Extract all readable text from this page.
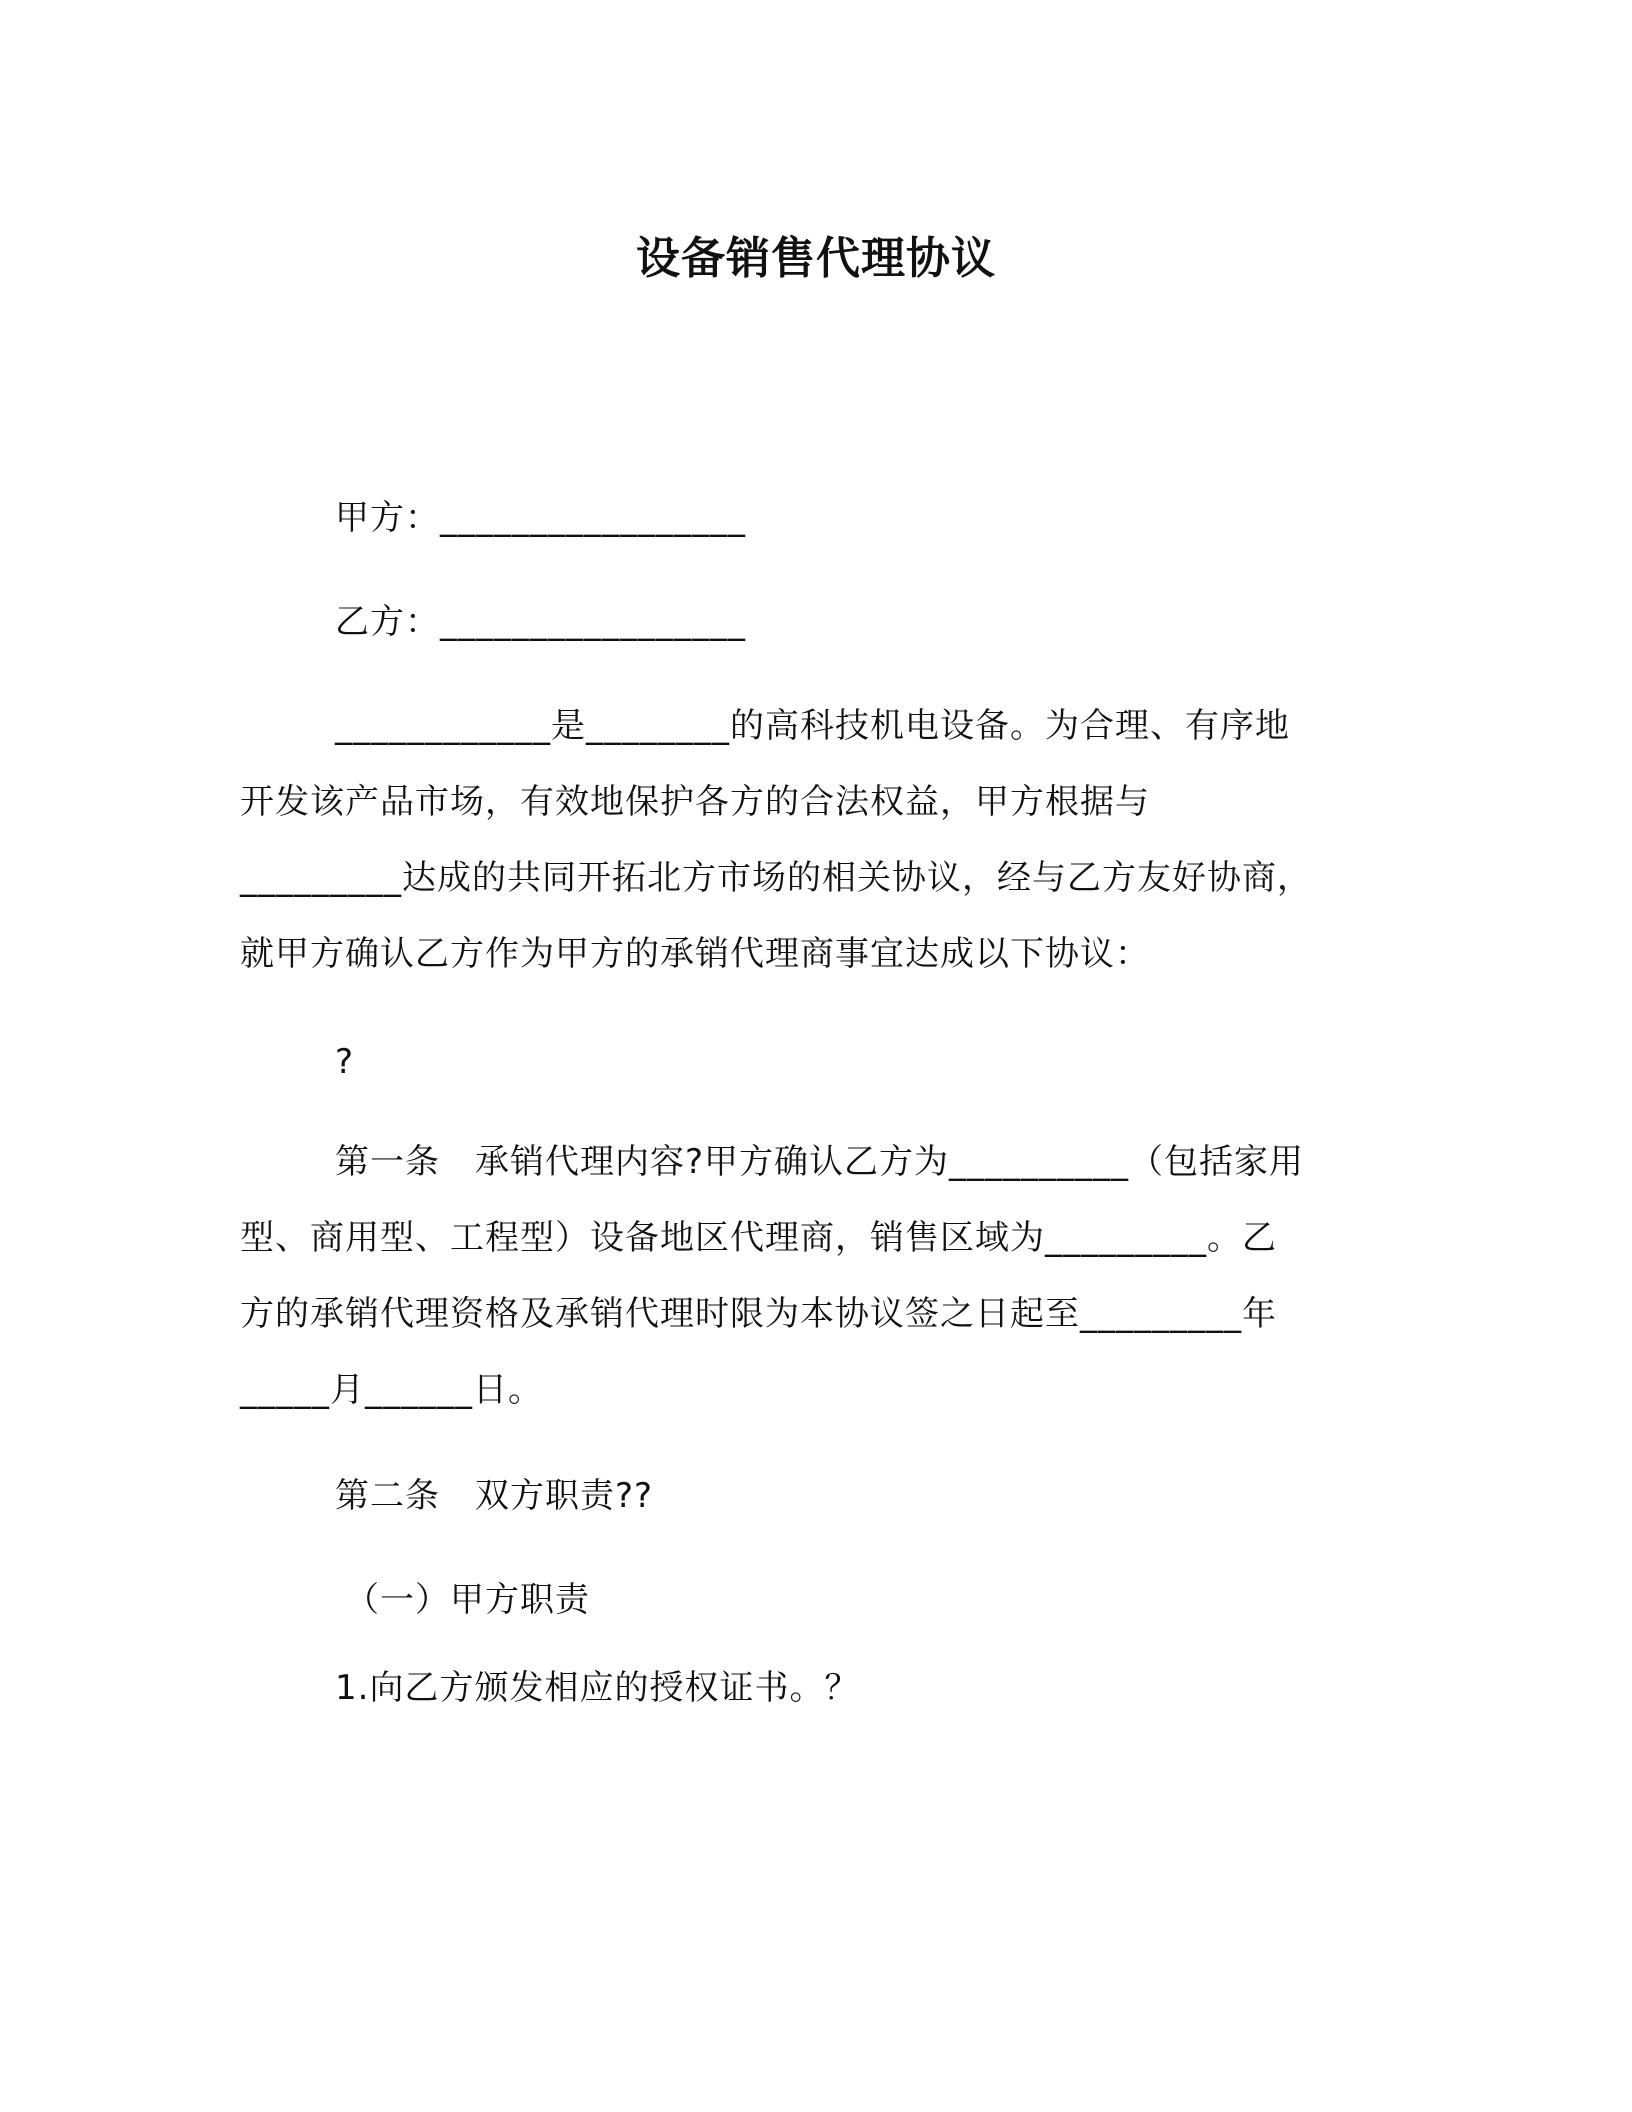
设备销售代理协议
甲方：_________________
乙方：_________________
____________是________的高科技机电设备。为合理、有序地
开发该产品市场，有效地保护各方的合法权益，甲方根据与
_________达成的共同开拓北方市场的相关协议，经与乙方友好协商，
就甲方确认乙方作为甲方的承销代理商事宜达成以下协议：
?
第一条　承销代理内容?甲方确认乙方为__________（包括家用
型、商用型、工程型）设备地区代理商，销售区域为_________。乙
方的承销代理资格及承销代理时限为本协议签之日起至_________年
_____月______日。
第二条　双方职责??
（一）甲方职责
1.向乙方颁发相应的授权证书。？
